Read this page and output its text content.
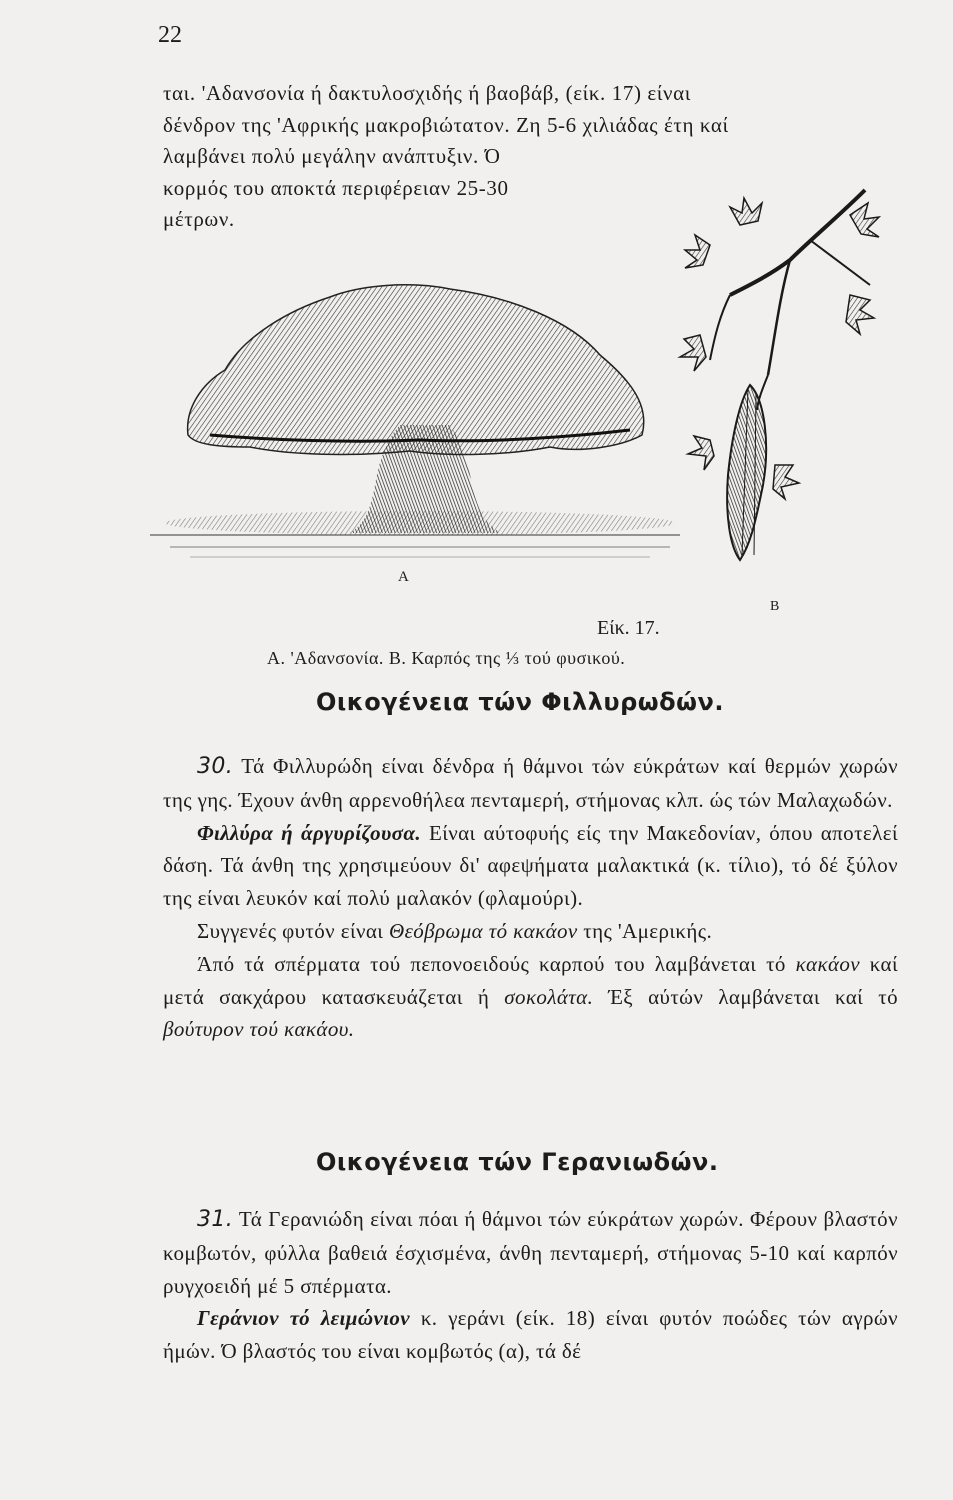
22
ται. 'Αδανσονία ή δακτυλοσχιδής ή βαοβάβ, (είκ. 17) είναι
δένδρον της 'Αφρικής μακροβιώτατον. Ζη 5-6 χιλιάδας έτη καί
λαμβάνει πολύ μεγάλην ανάπτυξιν. Ό
κορμός του αποκτά περιφέρειαν 25-30
μέτρων.
Α
Β
Είκ. 17.
Α. 'Αδανσονία. Β. Καρπός της ⅓ τού φυσικού.
Οικογένεια τών Φιλλυρωδών.

30. Τά Φιλλυρώδη είναι δένδρα ή θάμνοι τών εύκράτων καί θερμών χωρών της γης. Έχουν άνθη αρρενοθήλεα πενταμερή, στήμονας κλπ. ώς τών Μαλαχωδών.

Φιλλύρα ή άργυρίζουσα. Είναι αύτοφυής είς την Μακεδονίαν, όπου αποτελεί δάση. Τά άνθη της χρησιμεύουν δι' αφεψήματα μαλακτικά (κ. τίλιο), τό δέ ξύλον της είναι λευκόν καί πολύ μαλακόν (φλαμούρι).

Συγγενές φυτόν είναι Θεόβρωμα τό κακάον της 'Αμερικής.

Άπό τά σπέρματα τού πεπονοειδούς καρπού του λαμβάνεται τό κακάον καί μετά σακχάρου κατασκευάζεται ή σοκολάτα. Έξ αύτών λαμβάνεται καί τό βούτυρον τού κακάου.

Οικογένεια τών Γερανιωδών.

31. Τά Γερανιώδη είναι πόαι ή θάμνοι τών εύκράτων χωρών. Φέρουν βλαστόν κομβωτόν, φύλλα βαθειά έσχισμένα, άνθη πενταμερή, στήμονας 5-10 καί καρπόν ρυγχοειδή μέ 5 σπέρματα.

Γεράνιον τό λειμώνιον κ. γεράνι (είκ. 18) είναι φυτόν ποώδες τών αγρών ήμών. Ό βλαστός του είναι κομβωτός (α), τά δέ
